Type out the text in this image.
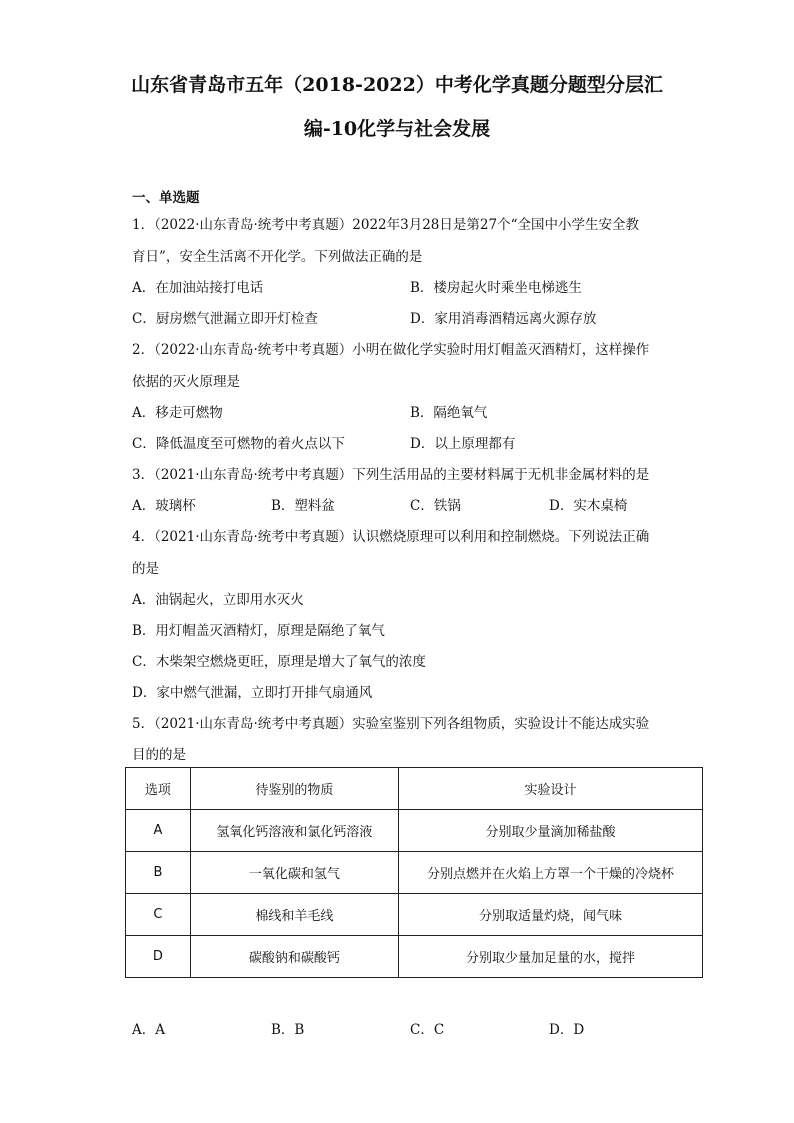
山东省青岛市五年（2018-2022）中考化学真题分题型分层汇
编-10化学与社会发展
一、单选题
1．（2022·山东青岛·统考中考真题）2022年3月28日是第27个“全国中小学生安全教
育日”，安全生活离不开化学。下列做法正确的是
A．在加油站接打电话	B．楼房起火时乘坐电梯逃生
C．厨房燃气泄漏立即开灯检查	D．家用消毒酒精远离火源存放
2．（2022·山东青岛·统考中考真题）小明在做化学实验时用灯帽盖灭酒精灯，这样操作
依据的灭火原理是
A．移走可燃物	B．隔绝氧气
C．降低温度至可燃物的着火点以下	D．以上原理都有
3．（2021·山东青岛·统考中考真题）下列生活用品的主要材料属于无机非金属材料的是
A．玻璃杯	B．塑料盆	C．铁锅	D．实木桌椅
4．（2021·山东青岛·统考中考真题）认识燃烧原理可以利用和控制燃烧。下列说法正确
的是
A．油锅起火，立即用水灭火
B．用灯帽盖灭酒精灯，原理是隔绝了氧气
C．木柴架空燃烧更旺，原理是增大了氧气的浓度
D．家中燃气泄漏，立即打开排气扇通风
5．（2021·山东青岛·统考中考真题）实验室鉴别下列各组物质，实验设计不能达成实验
目的的是
选项	待鉴别的物质	实验设计
A	氢氧化钙溶液和氯化钙溶液	分别取少量滴加稀盐酸
B	一氧化碳和氢气	分别点燃并在火焰上方罩一个干燥的冷烧杯
C	棉线和羊毛线	分别取适量灼烧，闻气味
D	碳酸钠和碳酸钙	分别取少量加足量的水，搅拌
A．A	B．B	C．C	D．D
